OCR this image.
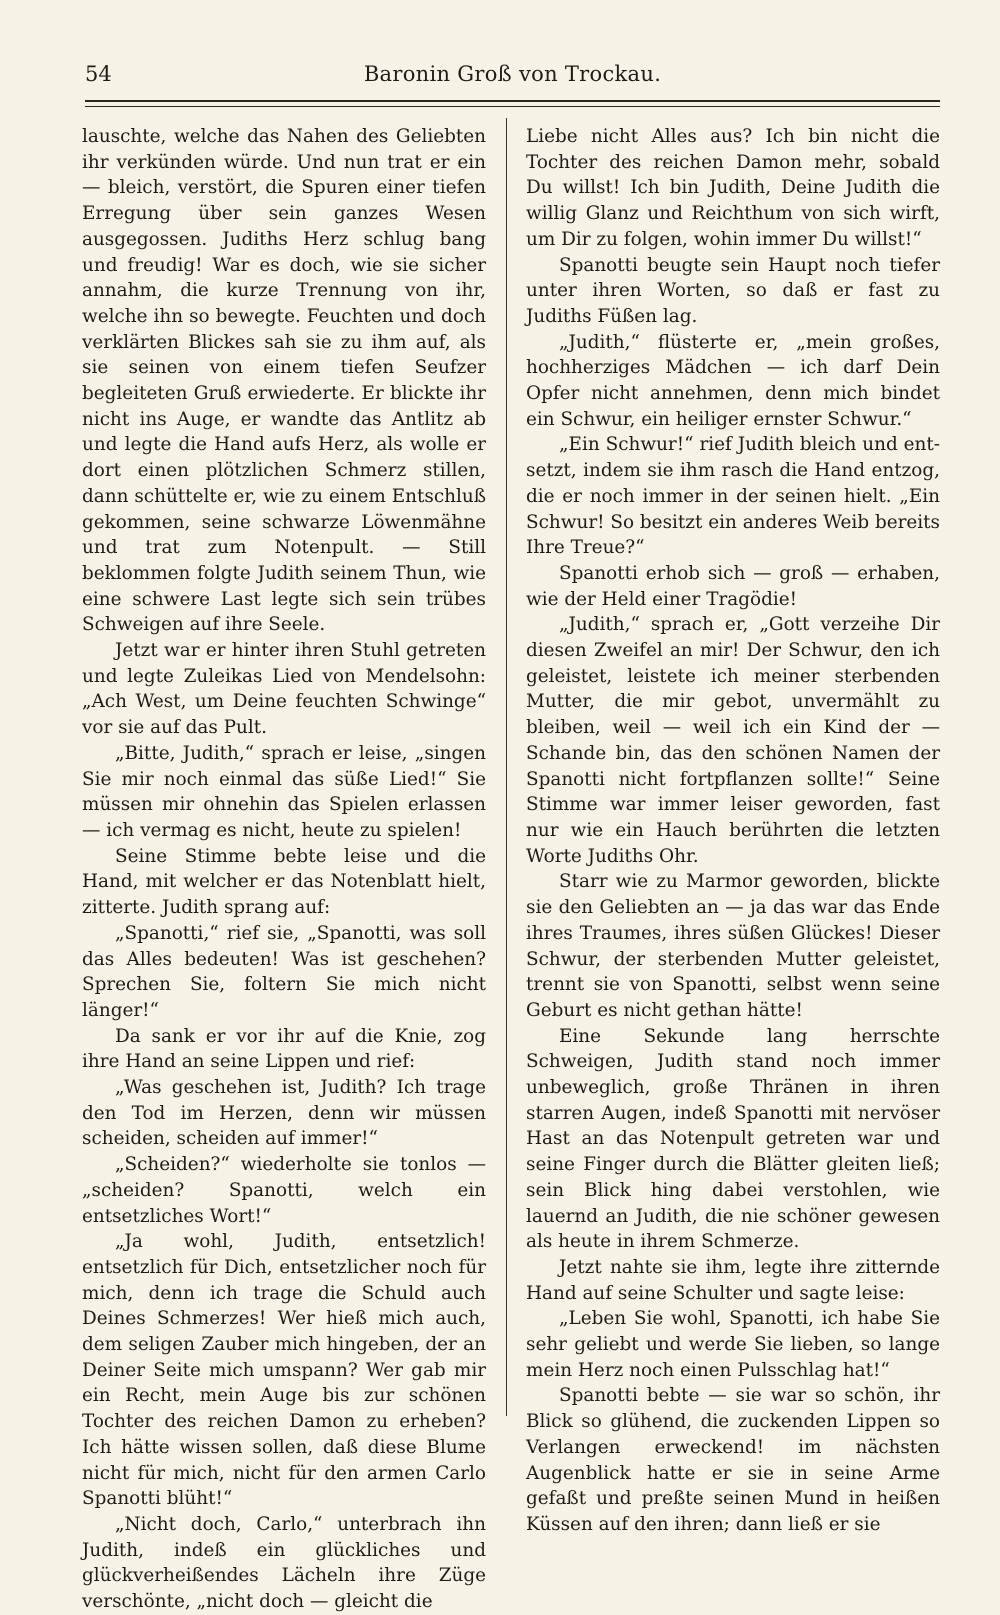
54	Baronin Groß von Trockau.

lauschte, welche das Nahen des Geliebten ihr verkünden würde. Und nun trat er ein — bleich, verstört, die Spuren einer tiefen Erregung über sein ganzes Wesen ausgegossen. Judiths Herz schlug bang und freudig! War es doch, wie sie sicher annahm, die kurze Trennung von ihr, welche ihn so bewegte. Feuchten und doch verklärten Blickes sah sie zu ihm auf, als sie seinen von einem tiefen Seufzer begleiteten Gruß erwiederte. Er blickte ihr nicht ins Auge, er wandte das Antlitz ab und legte die Hand aufs Herz, als wolle er dort einen plötzlichen Schmerz stillen, dann schüttelte er, wie zu einem Entschluß gekommen, seine schwarze Löwenmähne und trat zum Notenpult. — Still beklommen folgte Judith seinem Thun, wie eine schwere Last legte sich sein trübes Schweigen auf ihre Seele.

Jetzt war er hinter ihren Stuhl getreten und legte Zuleikas Lied von Mendelsohn: „Ach West, um Deine feuchten Schwinge“ vor sie auf das Pult.

„Bitte, Judith,“ sprach er leise, „singen Sie mir noch einmal das süße Lied!“ Sie müssen mir ohnehin das Spielen erlassen — ich vermag es nicht, heute zu spielen!

Seine Stimme bebte leise und die Hand, mit welcher er das Notenblatt hielt, zitterte. Judith sprang auf:

„Spanotti,“ rief sie, „Spanotti, was soll das Alles bedeuten! Was ist geschehen? Sprechen Sie, foltern Sie mich nicht länger!“

Da sank er vor ihr auf die Knie, zog ihre Hand an seine Lippen und rief:

„Was geschehen ist, Judith? Ich trage den Tod im Herzen, denn wir müssen scheiden, scheiden auf immer!“

„Scheiden?“ wiederholte sie tonlos — „scheiden? Spanotti, welch ein entsetzliches Wort!“

„Ja wohl, Judith, entsetzlich! entsetzlich für Dich, entsetzlicher noch für mich, denn ich trage die Schuld auch Deines Schmerzes! Wer hieß mich auch, dem seligen Zauber mich hingeben, der an Deiner Seite mich umspann? Wer gab mir ein Recht, mein Auge bis zur schönen Tochter des reichen Damon zu erheben? Ich hätte wissen sollen, daß diese Blume nicht für mich, nicht für den armen Carlo Spanotti blüht!“

„Nicht doch, Carlo,“ unterbrach ihn Judith, indeß ein glückliches und glückverheißendes Lächeln ihre Züge verschönte, „nicht doch — gleicht die

Liebe nicht Alles aus? Ich bin nicht die Tochter des reichen Damon mehr, sobald Du willst! Ich bin Judith, Deine Judith die willig Glanz und Reichthum von sich wirft, um Dir zu folgen, wohin immer Du willst!“

Spanotti beugte sein Haupt noch tiefer unter ihren Worten, so daß er fast zu Judiths Füßen lag.

„Judith,“ flüsterte er, „mein großes, hochherziges Mädchen — ich darf Dein Opfer nicht annehmen, denn mich bindet ein Schwur, ein heiliger ernster Schwur.“

„Ein Schwur!“ rief Judith bleich und entsetzt, indem sie ihm rasch die Hand entzog, die er noch immer in der seinen hielt. „Ein Schwur! So besitzt ein anderes Weib bereits Ihre Treue?“

Spanotti erhob sich — groß — erhaben, wie der Held einer Tragödie!

„Judith,“ sprach er, „Gott verzeihe Dir diesen Zweifel an mir! Der Schwur, den ich geleistet, leistete ich meiner sterbenden Mutter, die mir gebot, unvermählt zu bleiben, weil — weil ich ein Kind der — Schande bin, das den schönen Namen der Spanotti nicht fortpflanzen sollte!“ Seine Stimme war immer leiser geworden, fast nur wie ein Hauch berührten die letzten Worte Judiths Ohr.

Starr wie zu Marmor geworden, blickte sie den Geliebten an — ja das war das Ende ihres Traumes, ihres süßen Glückes! Dieser Schwur, der sterbenden Mutter geleistet, trennt sie von Spanotti, selbst wenn seine Geburt es nicht gethan hätte!

Eine Sekunde lang herrschte Schweigen, Judith stand noch immer unbeweglich, große Thränen in ihren starren Augen, indeß Spanotti mit nervöser Hast an das Notenpult getreten war und seine Finger durch die Blätter gleiten ließ; sein Blick hing dabei verstohlen, wie lauernd an Judith, die nie schöner gewesen als heute in ihrem Schmerze.

Jetzt nahte sie ihm, legte ihre zitternde Hand auf seine Schulter und sagte leise:

„Leben Sie wohl, Spanotti, ich habe Sie sehr geliebt und werde Sie lieben, so lange mein Herz noch einen Pulsschlag hat!“

Spanotti bebte — sie war so schön, ihr Blick so glühend, die zuckenden Lippen so Verlangen erweckend! im nächsten Augenblick hatte er sie in seine Arme gefaßt und preßte seinen Mund in heißen Küssen auf den ihren; dann ließ er sie
